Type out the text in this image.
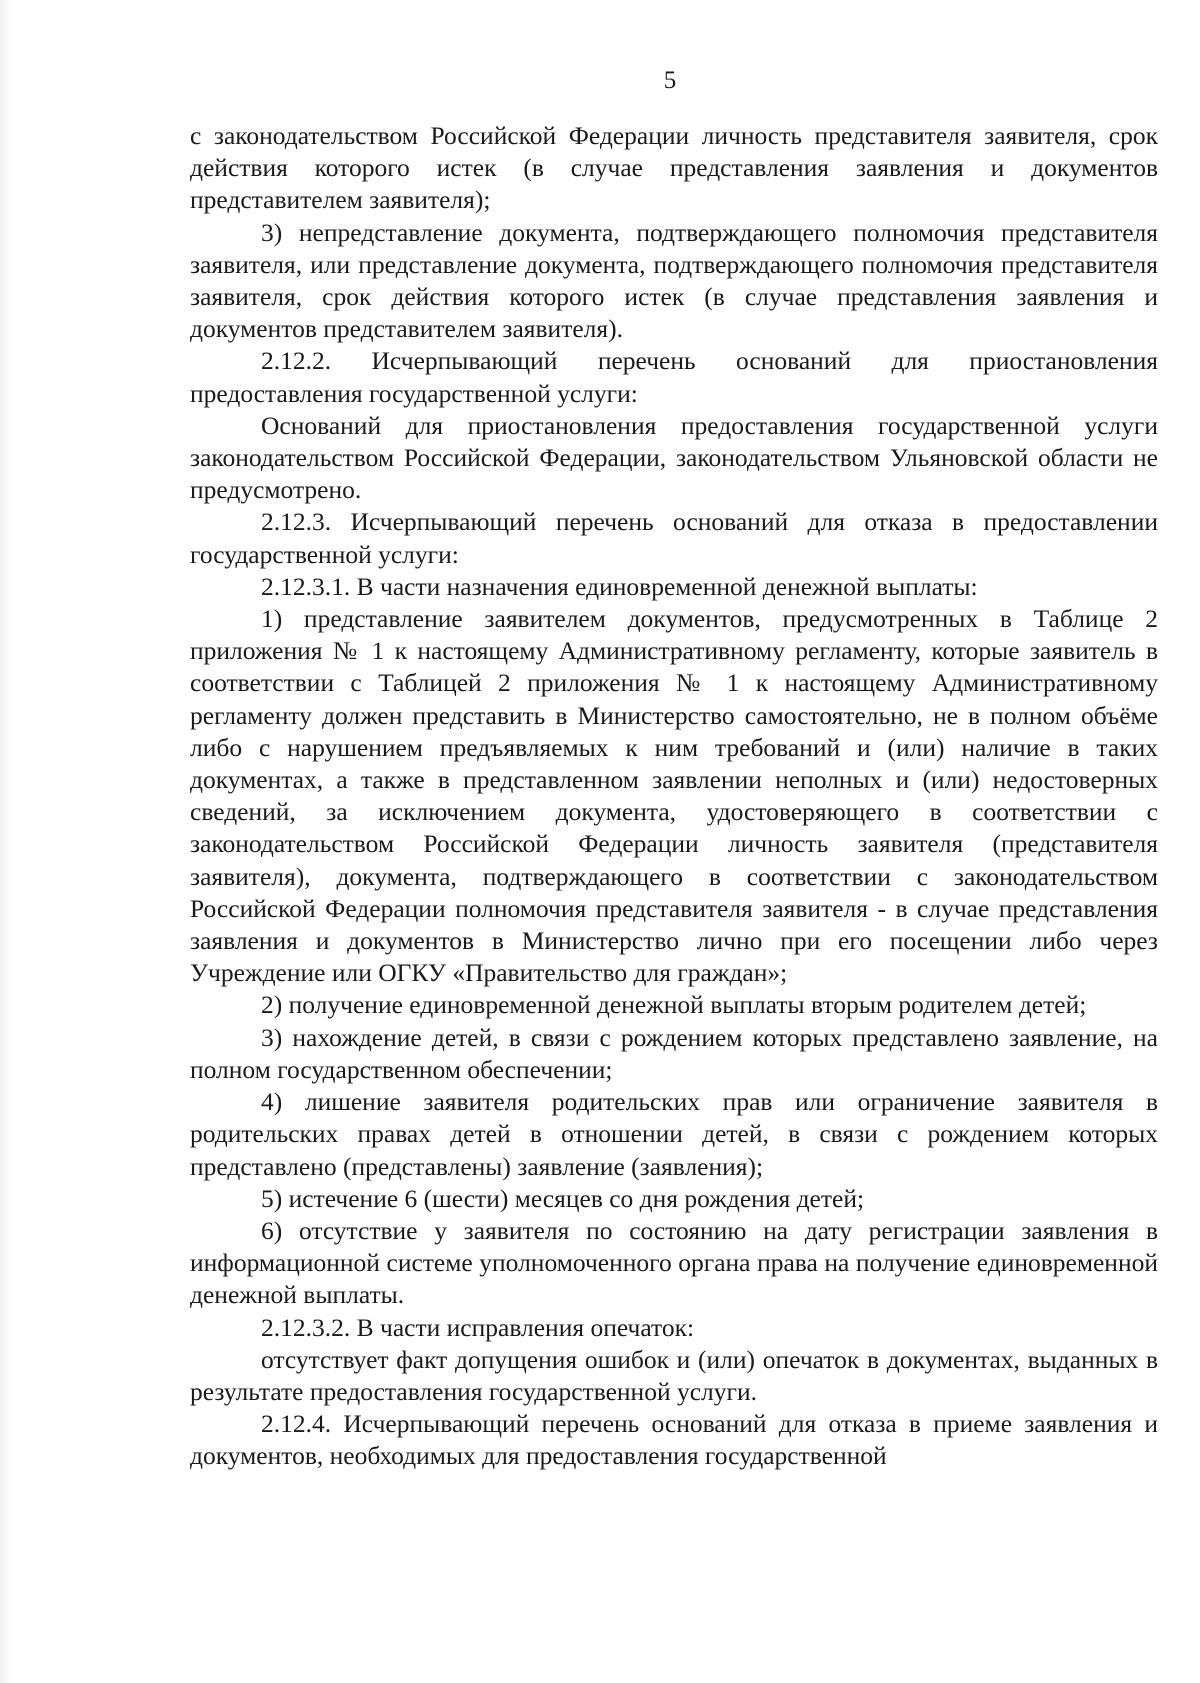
5

с законодательством Российской Федерации личность представителя заявителя, срок действия которого истек (в случае представления заявления и документов представителем заявителя);

3) непредставление документа, подтверждающего полномочия представителя заявителя, или представление документа, подтверждающего полномочия представителя заявителя, срок действия которого истек (в случае представления заявления и документов представителем заявителя).

2.12.2. Исчерпывающий перечень оснований для приостановления предоставления государственной услуги:

Оснований для приостановления предоставления государственной услуги законодательством Российской Федерации, законодательством Ульяновской области не предусмотрено.

2.12.3. Исчерпывающий перечень оснований для отказа в предоставлении государственной услуги:

2.12.3.1. В части назначения единовременной денежной выплаты:

1) представление заявителем документов, предусмотренных в Таблице 2 приложения № 1 к настоящему Административному регламенту, которые заявитель в соответствии с Таблицей 2 приложения № 1 к настоящему Административному регламенту должен представить в Министерство самостоятельно, не в полном объёме либо с нарушением предъявляемых к ним требований и (или) наличие в таких документах, а также в представленном заявлении неполных и (или) недостоверных сведений, за исключением документа, удостоверяющего в соответствии с законодательством Российской Федерации личность заявителя (представителя заявителя), документа, подтверждающего в соответствии с законодательством Российской Федерации полномочия представителя заявителя - в случае представления заявления и документов в Министерство лично при его посещении либо через Учреждение или ОГКУ «Правительство для граждан»;

2) получение единовременной денежной выплаты вторым родителем детей;

3) нахождение детей, в связи с рождением которых представлено заявление, на полном государственном обеспечении;

4) лишение заявителя родительских прав или ограничение заявителя в родительских правах детей в отношении детей, в связи с рождением которых представлено (представлены) заявление (заявления);

5) истечение 6 (шести) месяцев со дня рождения детей;

6) отсутствие у заявителя по состоянию на дату регистрации заявления в информационной системе уполномоченного органа права на получение единовременной денежной выплаты.

2.12.3.2. В части исправления опечаток:

отсутствует факт допущения ошибок и (или) опечаток в документах, выданных в результате предоставления государственной услуги.

2.12.4. Исчерпывающий перечень оснований для отказа в приеме заявления и документов, необходимых для предоставления государственной
